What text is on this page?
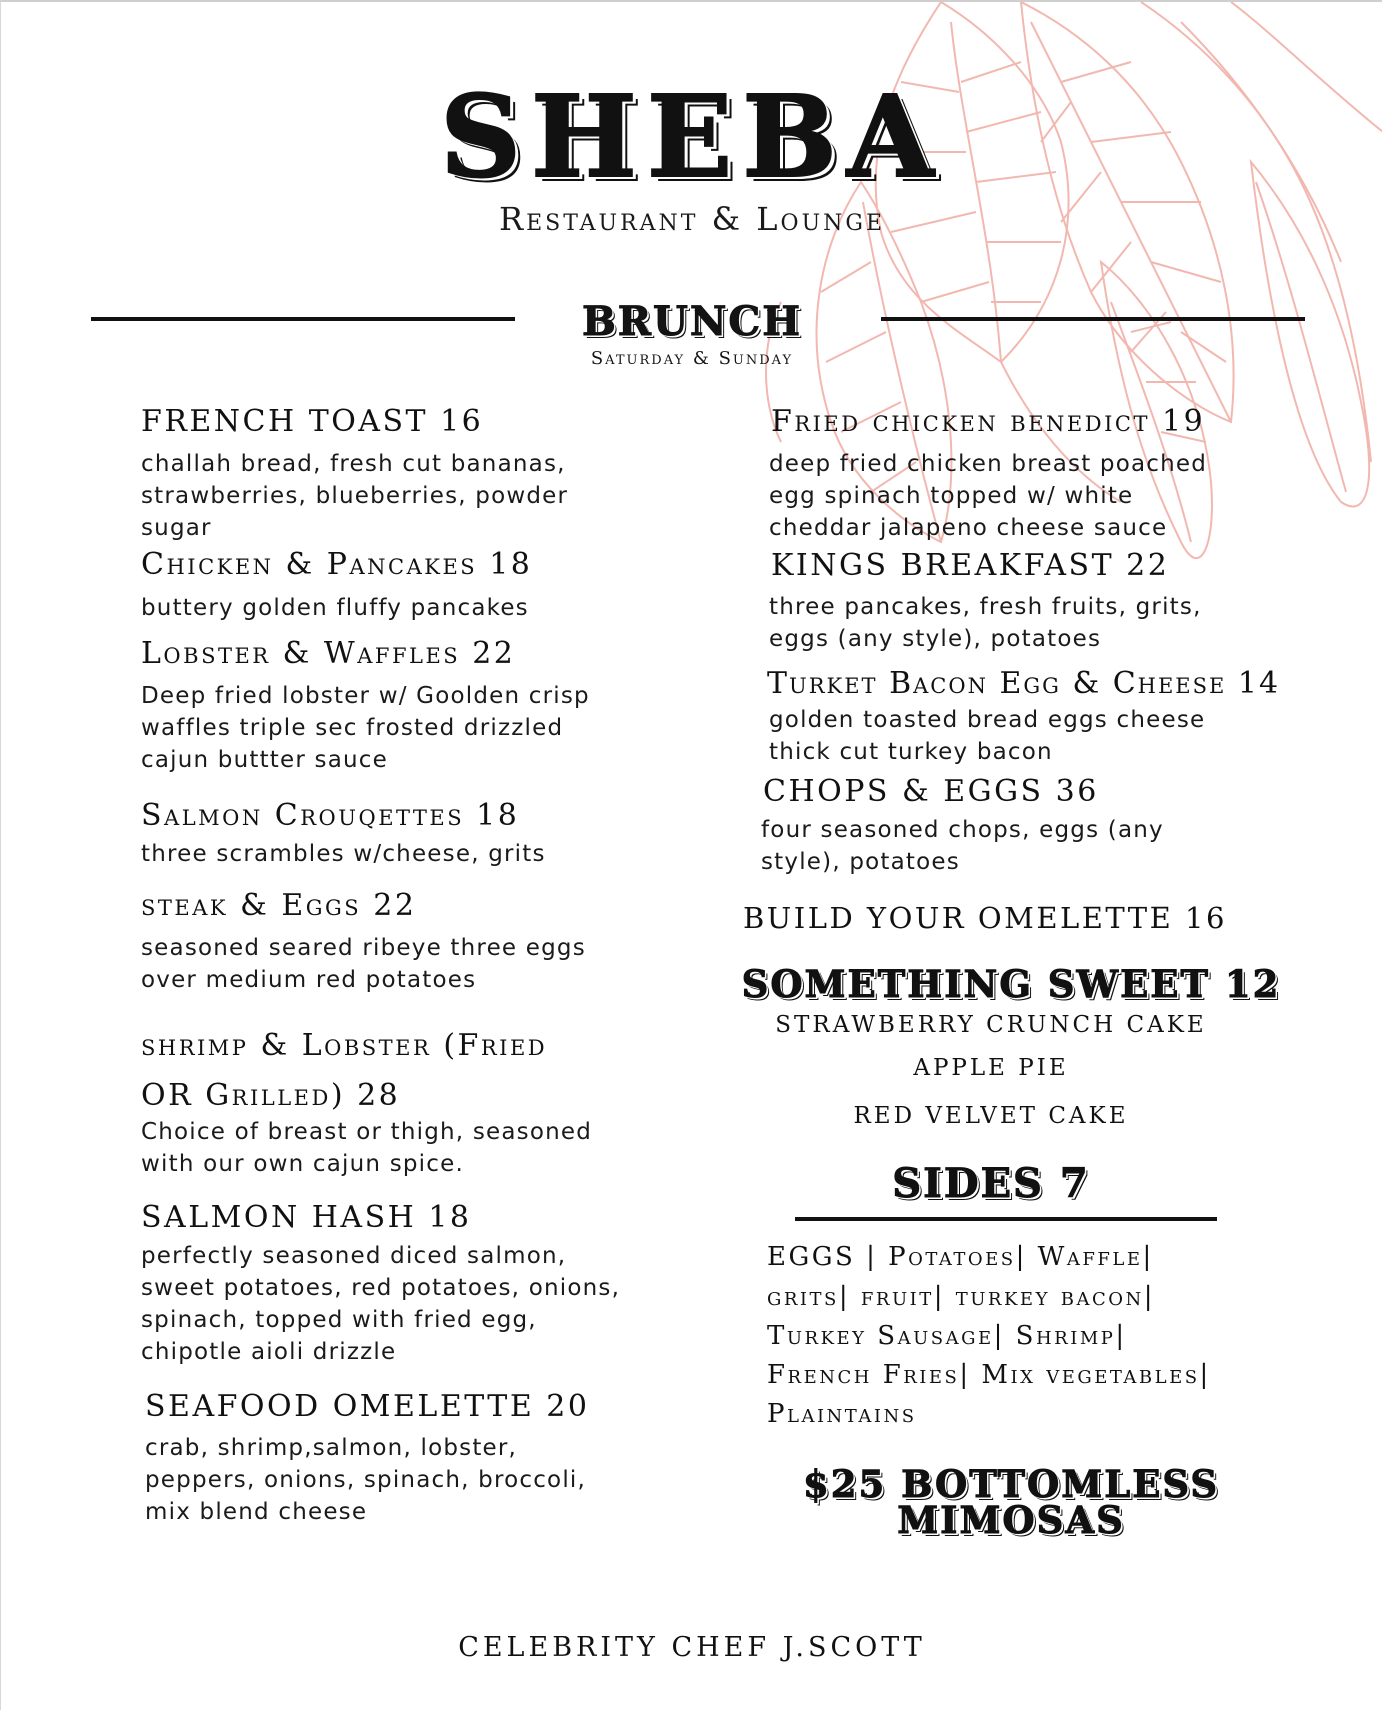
SHEBA
Restaurant & Lounge
BRUNCH
Saturday & Sunday
FRENCH TOAST 16
challah bread, fresh cut bananas, strawberries, blueberries, powder sugar
Chicken & Pancakes 18
buttery golden fluffy pancakes
Lobster & Waffles 22
Deep fried lobster w/ Goolden crisp waffles triple sec frosted drizzled cajun buttter sauce
Salmon Crouqettes 18
three scrambles w/cheese, grits
steak & Eggs 22
seasoned seared ribeye three eggs over medium red potatoes
shrimp & Lobster (Fried
OR Grilled) 28
Choice of breast or thigh, seasoned with our own cajun spice.
SALMON HASH 18
perfectly seasoned diced salmon, sweet potatoes, red potatoes, onions, spinach, topped with fried egg, chipotle aioli drizzle
SEAFOOD OMELETTE 20
crab, shrimp,salmon, lobster, peppers, onions, spinach, broccoli, mix blend cheese
Fried chicken benedict 19
deep fried chicken breast poached egg spinach topped w/ white cheddar jalapeno cheese sauce
KINGS BREAKFAST 22
three pancakes, fresh fruits, grits, eggs (any style), potatoes
Turket Bacon Egg & Cheese 14
golden toasted bread eggs cheese thick cut turkey bacon
CHOPS & EGGS 36
four seasoned chops, eggs (any style), potatoes
BUILD YOUR OMELETTE 16
SOMETHING SWEET 12
STRAWBERRY CRUNCH CAKE
APPLE PIE
RED VELVET CAKE
SIDES 7
EGGS | Potatoes| Waffle|
grits| fruit| turkey bacon|
Turkey Sausage| Shrimp|
French Fries| Mix vegetables|
Plaintains
$25 BOTTOMLESS
MIMOSAS
CELEBRITY CHEF J.SCOTT
